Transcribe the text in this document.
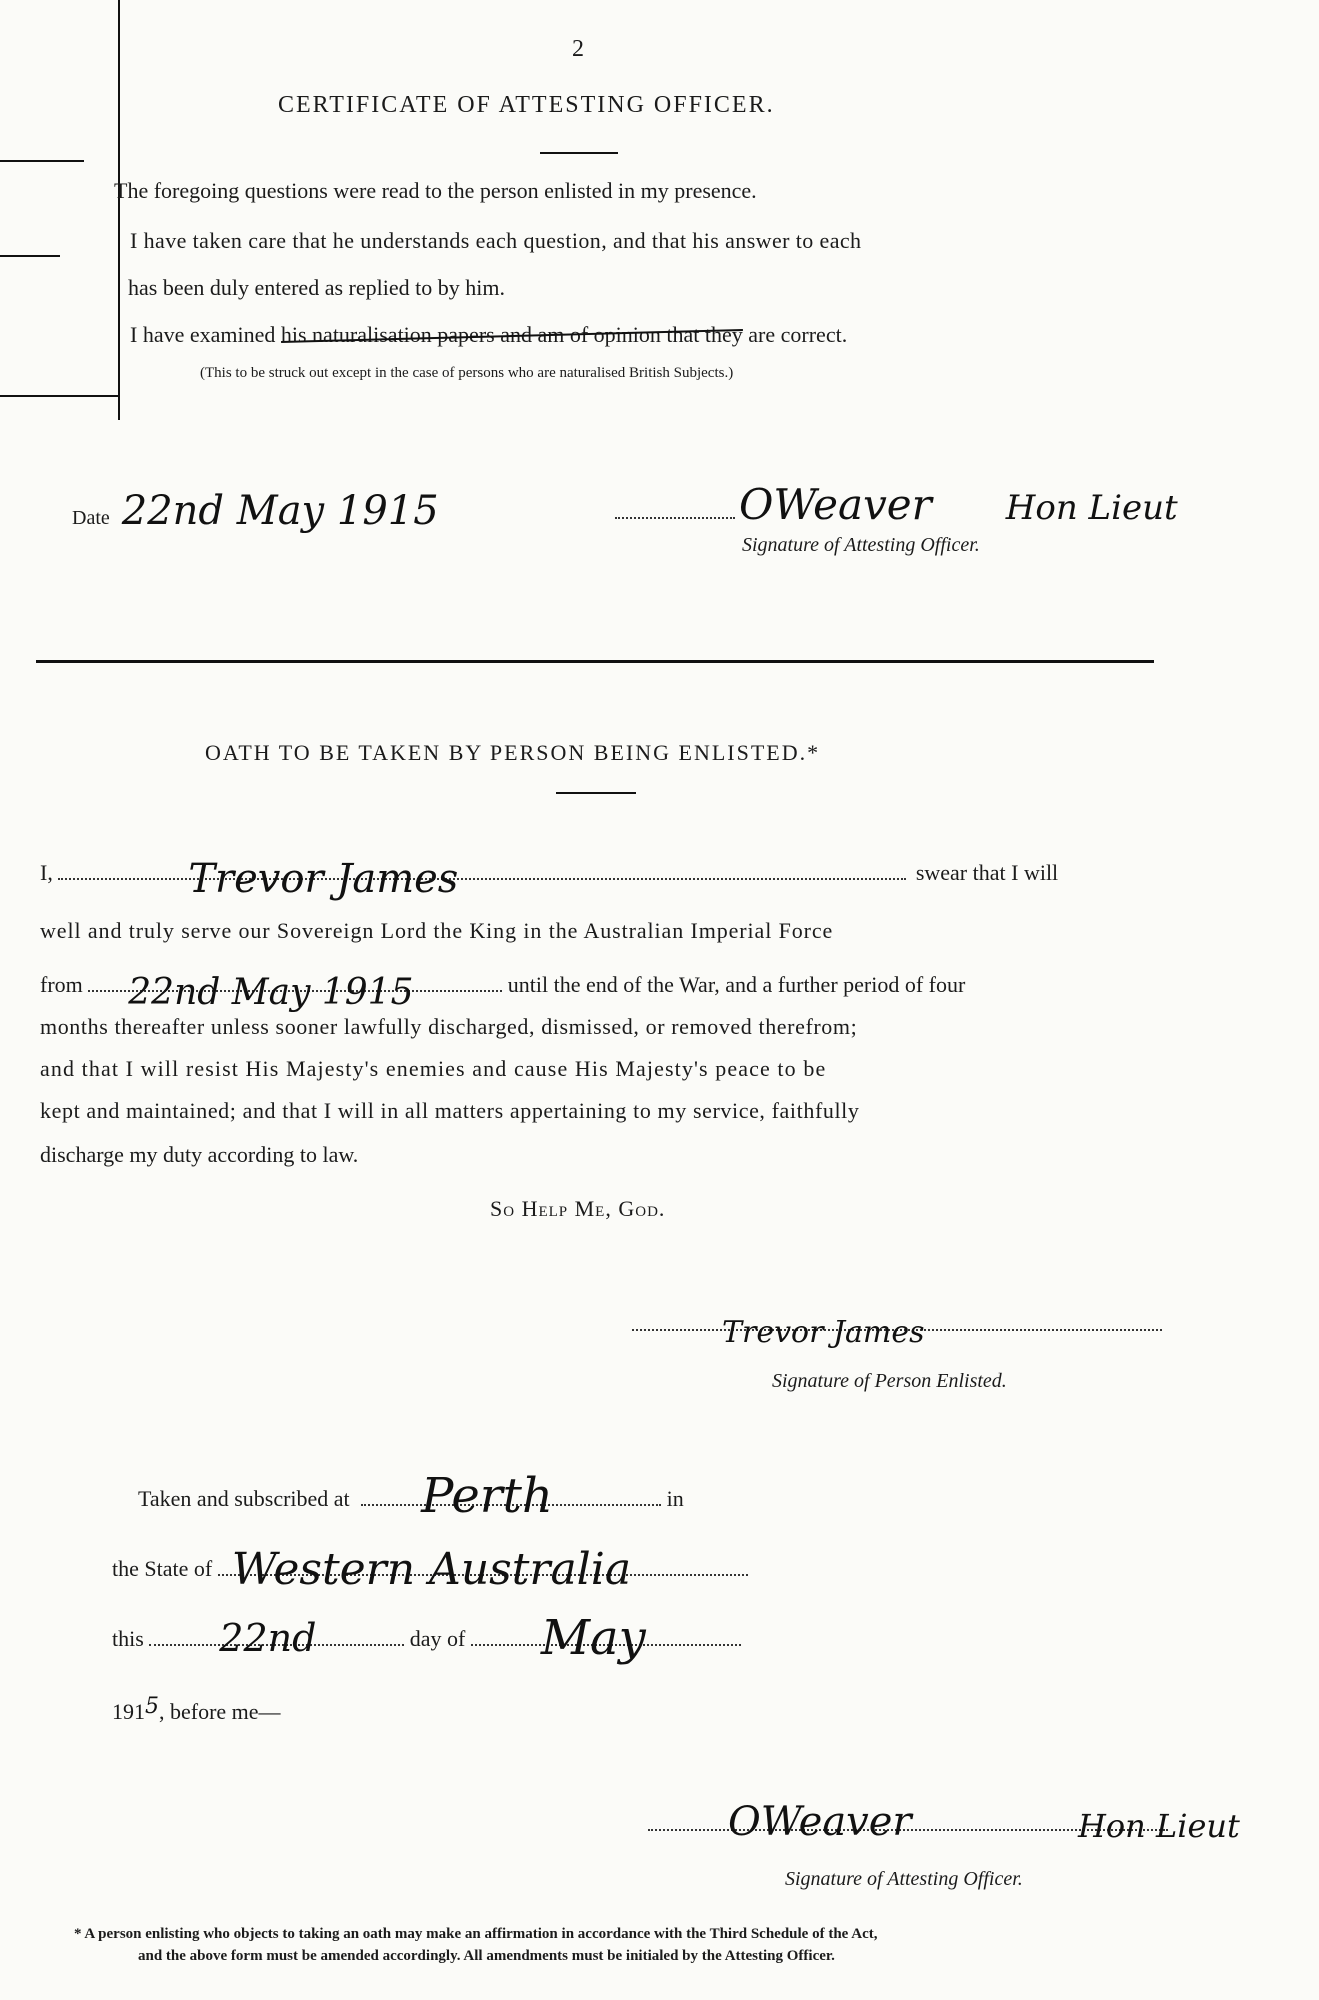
2
CERTIFICATE OF ATTESTING OFFICER.
The foregoing questions were read to the person enlisted in my presence.
I have taken care that he understands each question, and that his answer to each
has been duly entered as replied to by him.
I have examined his naturalisation papers and am of opinion that they are correct.
(This to be struck out except in the case of persons who are naturalised British Subjects.)
Date 22nd May 1915	OWeaver Hon Lieut
Signature of Attesting Officer.
OATH TO BE TAKEN BY PERSON BEING ENLISTED.*
I,	Trevor James	swear that I will
well and truly serve our Sovereign Lord the King in the Australian Imperial Force
from 22nd May 1915	until the end of the War, and a further period of four
months thereafter unless sooner lawfully discharged, dismissed, or removed therefrom;
and that I will resist His Majesty's enemies and cause His Majesty's peace to be
kept and maintained; and that I will in all matters appertaining to my service, faithfully
discharge my duty according to law.
So Help Me, God.
Trevor James
Signature of Person Enlisted.
Taken and subscribed at Perth	in
the State of Western Australia
this 22nd	day of May
1915, before me—
OWeaver	Hon Lieut
Signature of Attesting Officer.
* A person enlisting who objects to taking an oath may make an affirmation in accordance with the Third Schedule of the Act,
and the above form must be amended accordingly. All amendments must be initialed by the Attesting Officer.
